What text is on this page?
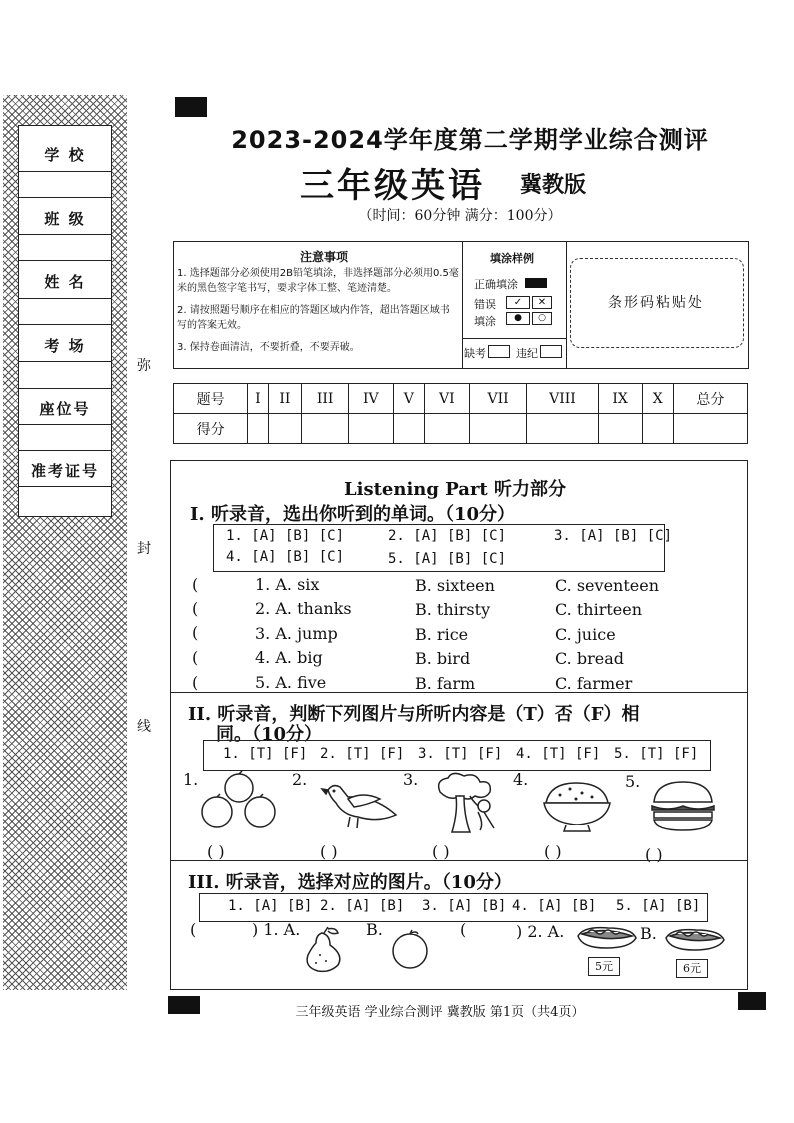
学 校
班 级
姓 名
考 场
座位号
准考证号
弥
封
线
2023-2024学年度第二学期学业综合测评
三年级英语 冀教版
（时间：60分钟 满分：100分）
注意事项
1. 选择题部分必须使用2B铅笔填涂，非选择题部分必须用0.5毫米的黑色签字笔书写，要求字体工整、笔迹清楚。
2. 请按照题号顺序在相应的答题区域内作答，超出答题区域书写的答案无效。
3. 保持卷面清洁，不要折叠，不要弄破。
填涂样例
正确填涂
错误
填涂
✓	✕
●	○
缺考	违纪
条形码粘贴处
题号	I	II	III	IV	V	VI	VII	VIII	IX	X	总分
得分											
Listening Part 听力部分
I. 听录音，选出你听到的单词。（10分）
1. [A] [B] [C]	2. [A] [B] [C]	3. [A] [B] [C]
4. [A] [B] [C]	5. [A] [B] [C]
(	1. A. six	B. sixteen	C. seventeen
(	2. A. thanks	B. thirsty	C. thirteen
(	3. A. jump	B. rice	C. juice
(	4. A. big	B. bird	C. bread
(	5. A. five	B. farm	C. farmer
II. 听录音，判断下列图片与所听内容是（T）否（F）相
同。（10分）
1. [T] [F] 2. [T] [F] 3. [T] [F] 4. [T] [F] 5. [T] [F]
1.	2.	3.	4.	5.
( )	( )	( )	( )	( )
III. 听录音，选择对应的图片。（10分）
1. [A] [B] 2. [A] [B] 3. [A] [B] 4. [A] [B] 5. [A] [B]
(	) 1. A.	B.	(	) 2. A.	B.
5元	6元
三年级英语 学业综合测评 冀教版 第1页（共4页）
